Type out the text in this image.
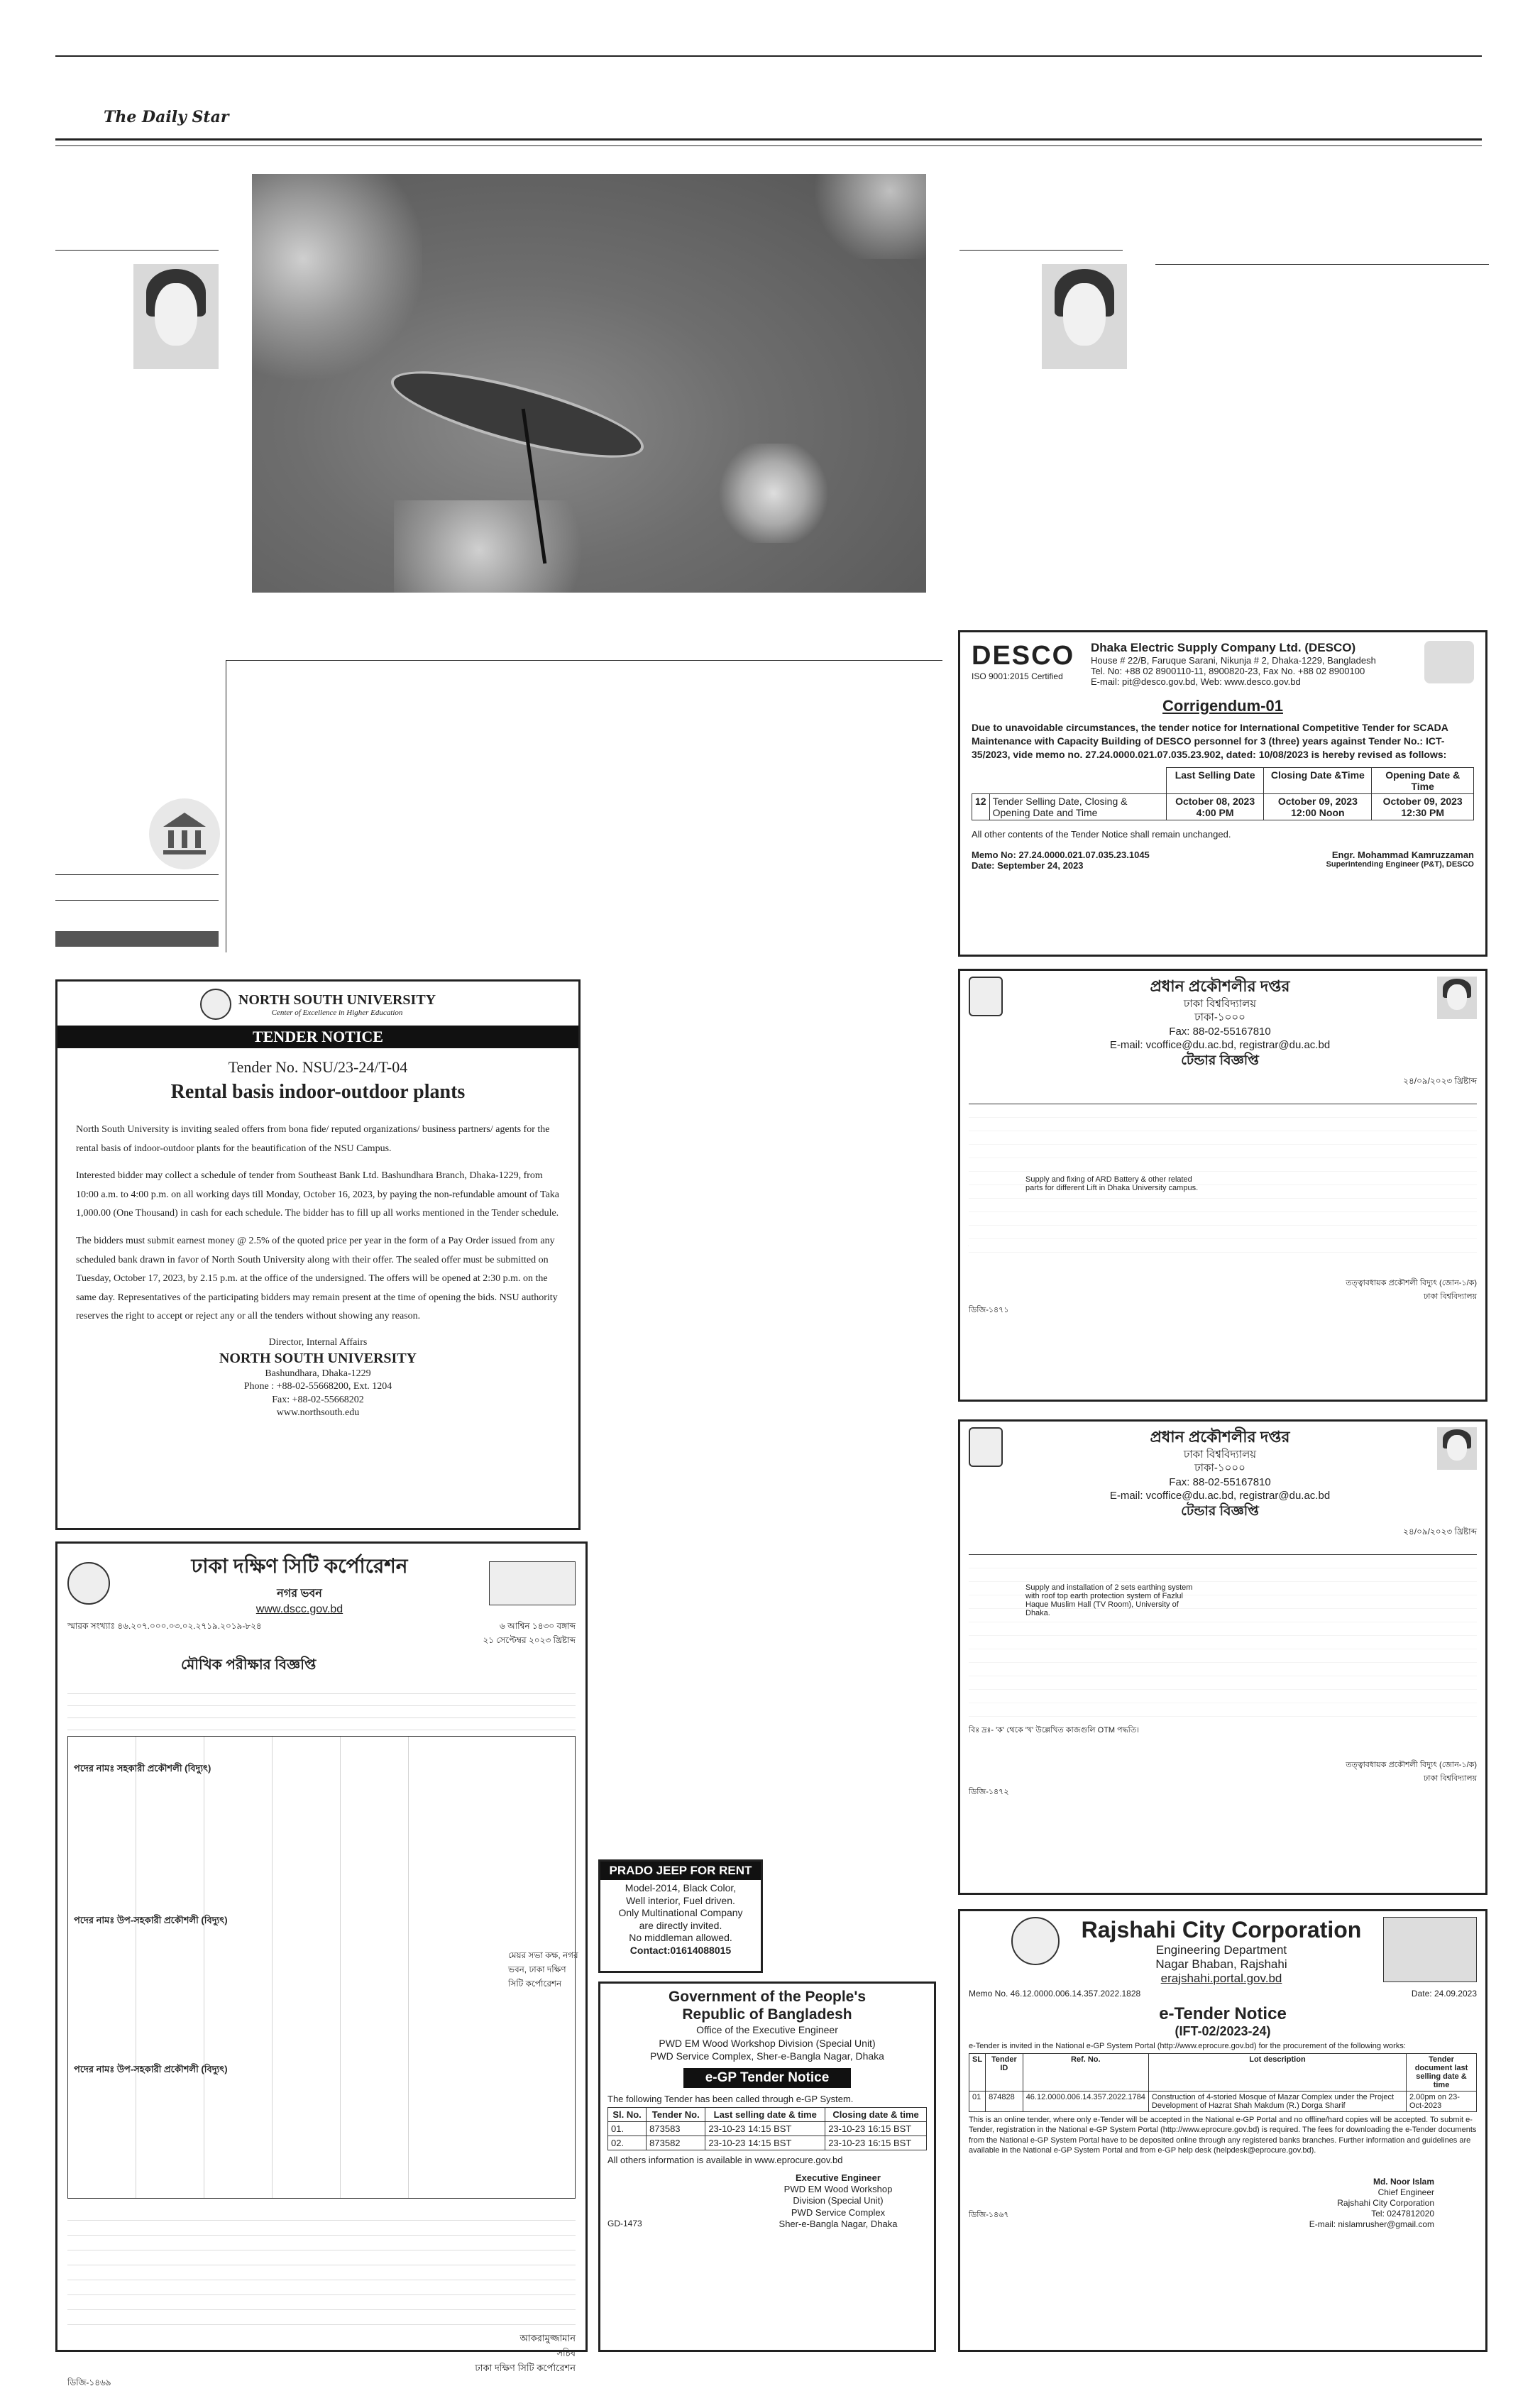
The Daily Star
DESCO
ISO 9001:2015 Certified
Dhaka Electric Supply Company Ltd. (DESCO)
House # 22/B, Faruque Sarani, Nikunja # 2, Dhaka-1229, Bangladesh
Tel. No: +88 02 8900110-11, 8900820-23, Fax No. +88 02 8900100
E-mail: pit@desco.gov.bd, Web: www.desco.gov.bd
Corrigendum-01
Due to unavoidable circumstances, the tender notice for International Competitive Tender for SCADA Maintenance with Capacity Building of DESCO personnel for 3 (three) years against Tender No.: ICT-35/2023, vide memo no. 27.24.0000.021.07.035.23.902, dated: 10/08/2023 is hereby revised as follows:
		Last Selling Date	Closing Date &Time	Opening Date & Time
12	Tender Selling Date, Closing & Opening Date and Time	October 08, 2023 4:00 PM	October 09, 2023 12:00 Noon	October 09, 2023 12:30 PM
All other contents of the Tender Notice shall remain unchanged.
Memo No: 27.24.0000.021.07.035.23.1045
Date: September 24, 2023
Engr. Mohammad Kamruzzaman
Superintending Engineer (P&T), DESCO
NORTH SOUTH UNIVERSITY
Center of Excellence in Higher Education
TENDER NOTICE
Tender No. NSU/23-24/T-04
Rental basis indoor-outdoor plants

North South University is inviting sealed offers from bona fide/ reputed organizations/ business partners/ agents for the rental basis of indoor-outdoor plants for the beautification of the NSU Campus.

Interested bidder may collect a schedule of tender from Southeast Bank Ltd. Bashundhara Branch, Dhaka-1229, from 10:00 a.m. to 4:00 p.m. on all working days till Monday, October 16, 2023, by paying the non-refundable amount of Taka 1,000.00 (One Thousand) in cash for each schedule. The bidder has to fill up all works mentioned in the Tender schedule.

The bidders must submit earnest money @ 2.5% of the quoted price per year in the form of a Pay Order issued from any scheduled bank drawn in favor of North South University along with their offer. The sealed offer must be submitted on Tuesday, October 17, 2023, by 2.15 p.m. at the office of the undersigned. The offers will be opened at 2:30 p.m. on the same day. Representatives of the participating bidders may remain present at the time of opening the bids. NSU authority reserves the right to accept or reject any or all the tenders without showing any reason.

Director, Internal Affairs
NORTH SOUTH UNIVERSITY
Bashundhara, Dhaka-1229
Phone : +88-02-55668200, Ext. 1204
Fax: +88-02-55668202
www.northsouth.edu
প্রধান প্রকৌশলীর দপ্তর
ঢাকা বিশ্ববিদ্যালয়
ঢাকা-১০০০
Fax: 88-02-55167810
E-mail: vcoffice@du.ac.bd, registrar@du.ac.bd
টেন্ডার বিজ্ঞপ্তি
২৪/০৯/২০২৩ খ্রিষ্টাব্দ
Supply and fixing of ARD Battery & other related parts for different Lift in Dhaka University campus.
তত্ত্বাবধায়ক প্রকৌশলী বিদ্যুৎ (জোন-১/ক)
ঢাকা বিশ্ববিদ্যালয়
ডিজি-১৪৭১
প্রধান প্রকৌশলীর দপ্তর
ঢাকা বিশ্ববিদ্যালয়
ঢাকা-১০০০
Fax: 88-02-55167810
E-mail: vcoffice@du.ac.bd, registrar@du.ac.bd
টেন্ডার বিজ্ঞপ্তি
২৪/০৯/২০২৩ খ্রিষ্টাব্দ
Supply and installation of 2 sets earthing system with roof top earth protection system of Fazlul Haque Muslim Hall (TV Room), University of Dhaka.
বিঃ দ্রঃ- 'ক' থেকে 'খ' উল্লেখিত কাজগুলি OTM পদ্ধতি।
তত্ত্বাবধায়ক প্রকৌশলী বিদ্যুৎ (জোন-১/ক)
ঢাকা বিশ্ববিদ্যালয়
ডিজি-১৪৭২
ঢাকা দক্ষিণ সিটি কর্পোরেশন
নগর ভবন
www.dscc.gov.bd
স্মারক সংখ্যাঃ ৪৬.২০৭.০০০.০৩.০২.২৭১৯.২০১৯-৮২৪	৬ আশ্বিন ১৪৩০ বঙ্গাব্দ
২১ সেপ্টেম্বর ২০২৩ খ্রিষ্টাব্দ
মৌখিক পরীক্ষার বিজ্ঞপ্তি
পদের নামঃ সহকারী প্রকৌশলী (বিদ্যুৎ)
পদের নামঃ উপ-সহকারী প্রকৌশলী (বিদ্যুৎ)
পদের নামঃ উপ-সহকারী প্রকৌশলী (বিদ্যুৎ)
মেয়র সভা কক্ষ, নগর ভবন, ঢাকা দক্ষিণ সিটি কর্পোরেশন
আকরামুজ্জামান
সচিব
ঢাকা দক্ষিণ সিটি কর্পোরেশন
ডিজি-১৪৬৯
PRADO JEEP FOR RENT
Model-2014, Black Color,
Well interior, Fuel driven.
Only Multinational Company
are directly invited.
No middleman allowed.
Contact:01614088015
Government of the People's
Republic of Bangladesh
Office of the Executive Engineer
PWD EM Wood Workshop Division (Special Unit)
PWD Service Complex, Sher-e-Bangla Nagar, Dhaka
e-GP Tender Notice
The following Tender has been called through e-GP System.
Sl. No.	Tender No.	Last selling date & time	Closing date & time
01.	873583	23-10-23 14:15 BST	23-10-23 16:15 BST
02.	873582	23-10-23 14:15 BST	23-10-23 16:15 BST
All others information is available in www.eprocure.gov.bd
Executive Engineer
PWD EM Wood Workshop
Division (Special Unit)
PWD Service Complex
Sher-e-Bangla Nagar, Dhaka
GD-1473
Rajshahi City Corporation
Engineering Department
Nagar Bhaban, Rajshahi
erajshahi.portal.gov.bd
Memo No. 46.12.0000.006.14.357.2022.1828	Date: 24.09.2023
e-Tender Notice
(IFT-02/2023-24)
e-Tender is invited in the National e-GP System Portal (http://www.eprocure.gov.bd) for the procurement of the following works:
SL	Tender ID	Ref. No.	Lot description	Tender document last selling date & time
01	874828	46.12.0000.006.14.357.2022.1784	Construction of 4-storied Mosque of Mazar Complex under the Project Development of Hazrat Shah Makdum (R.) Dorga Sharif	2.00pm on 23-Oct-2023
This is an online tender, where only e-Tender will be accepted in the National e-GP Portal and no offline/hard copies will be accepted. To submit e-Tender, registration in the National e-GP System Portal (http://www.eprocure.gov.bd) is required. The fees for downloading the e-Tender documents from the National e-GP System Portal have to be deposited online through any registered banks branches. Further information and guidelines are available in the National e-GP System Portal and from e-GP help desk (helpdesk@eprocure.gov.bd).
Md. Noor Islam
Chief Engineer
Rajshahi City Corporation
Tel: 0247812020
E-mail: nislamrusher@gmail.com
ডিজি-১৪৬৭
